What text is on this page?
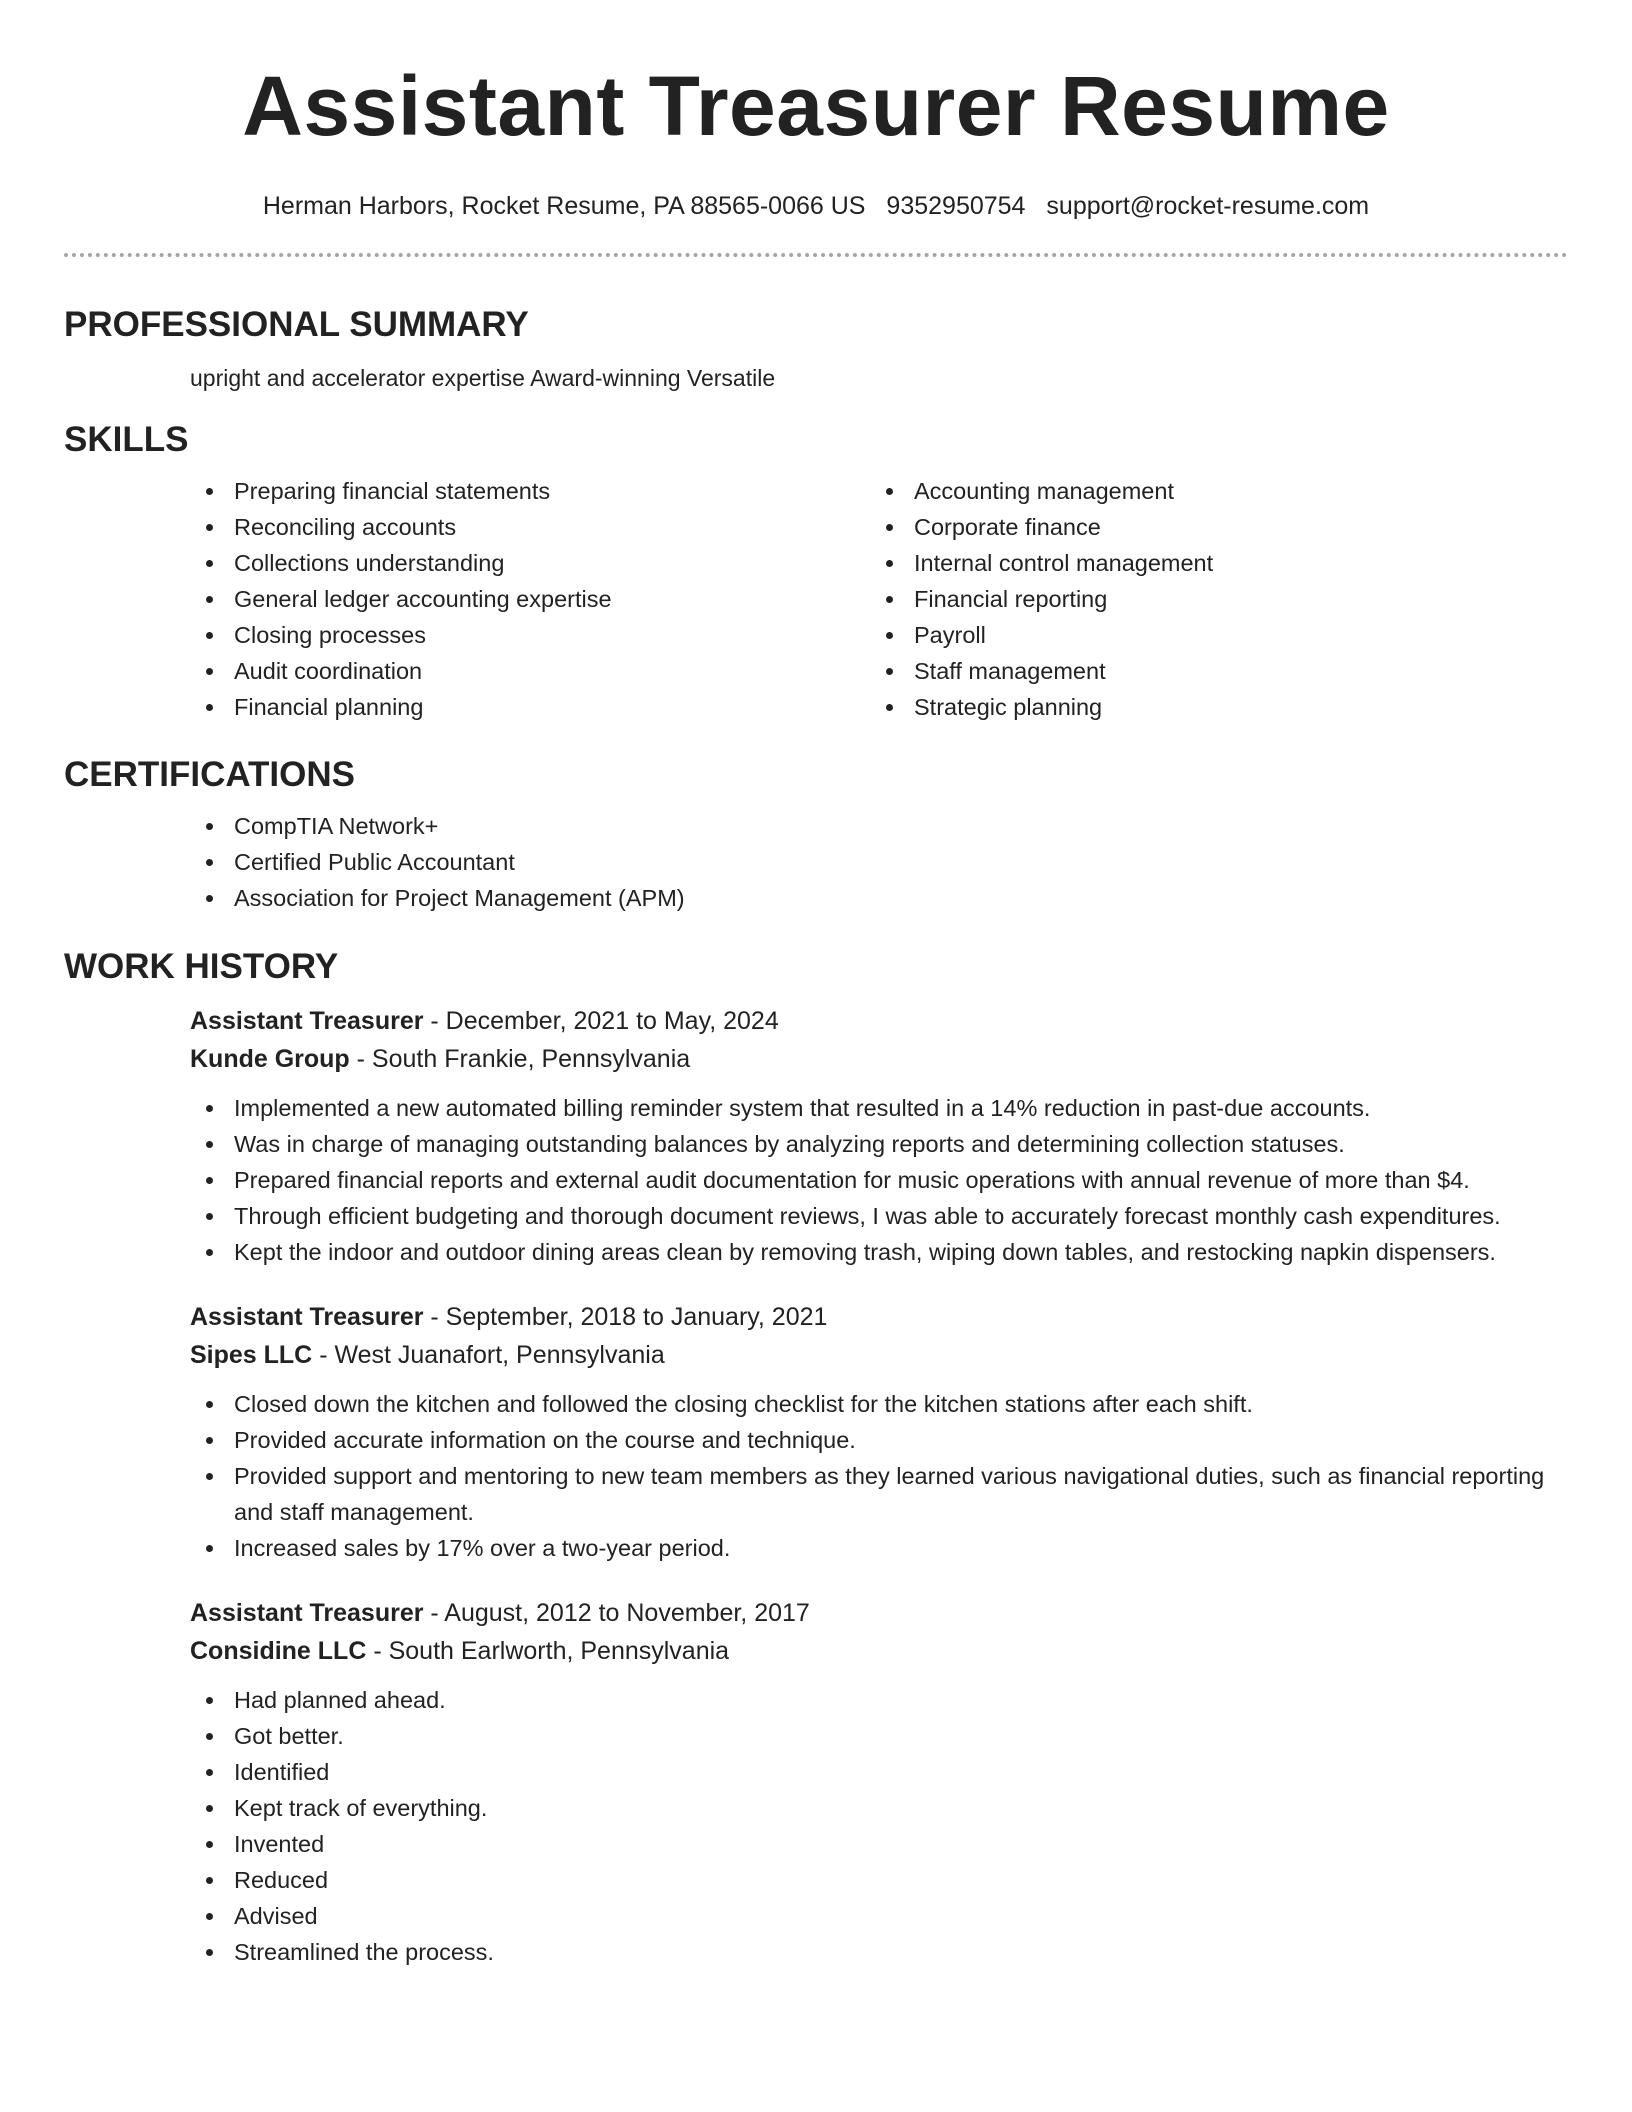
Assistant Treasurer Resume
Herman Harbors, Rocket Resume, PA 88565-0066 US 9352950754 support@rocket-resume.com
PROFESSIONAL SUMMARY

upright and accelerator expertise Award-winning Versatile

SKILLS
Preparing financial statements
Reconciling accounts
Collections understanding
General ledger accounting expertise
Closing processes
Audit coordination
Financial planning
Accounting management
Corporate finance
Internal control management
Financial reporting
Payroll
Staff management
Strategic planning
CERTIFICATIONS
CompTIA Network+
Certified Public Accountant
Association for Project Management (APM)
WORK HISTORY
Assistant Treasurer - December, 2021 to May, 2024
Kunde Group - South Frankie, Pennsylvania
Implemented a new automated billing reminder system that resulted in a 14% reduction in past-due accounts.
Was in charge of managing outstanding balances by analyzing reports and determining collection statuses.
Prepared financial reports and external audit documentation for music operations with annual revenue of more than $4.
Through efficient budgeting and thorough document reviews, I was able to accurately forecast monthly cash expenditures.
Kept the indoor and outdoor dining areas clean by removing trash, wiping down tables, and restocking napkin dispensers.
Assistant Treasurer - September, 2018 to January, 2021
Sipes LLC - West Juanafort, Pennsylvania
Closed down the kitchen and followed the closing checklist for the kitchen stations after each shift.
Provided accurate information on the course and technique.
Provided support and mentoring to new team members as they learned various navigational duties, such as financial reporting and staff management.
Increased sales by 17% over a two-year period.
Assistant Treasurer - August, 2012 to November, 2017
Considine LLC - South Earlworth, Pennsylvania
Had planned ahead.
Got better.
Identified
Kept track of everything.
Invented
Reduced
Advised
Streamlined the process.
